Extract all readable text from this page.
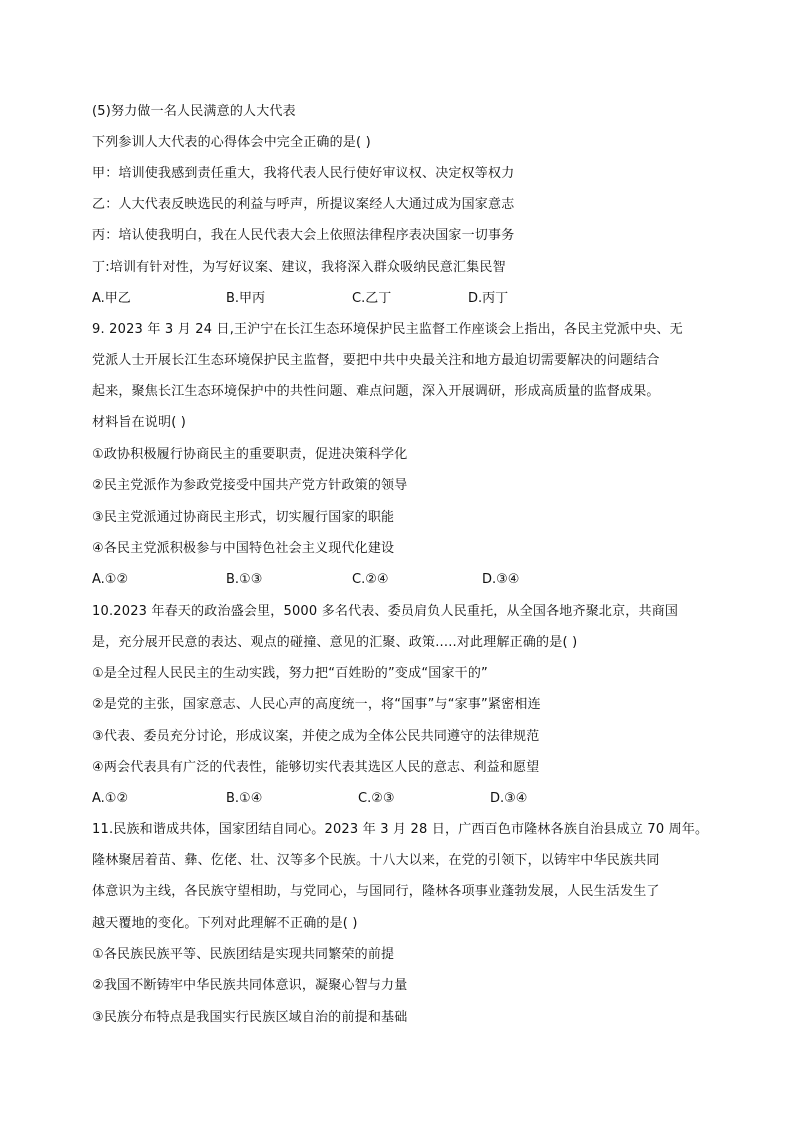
(5)努力做一名人民满意的人大代表
下列参训人大代表的心得体会中完全正确的是( )
甲：培训使我感到责任重大，我将代表人民行使好审议权、决定权等权力
乙：人大代表反映选民的利益与呼声，所提议案经人大通过成为国家意志
丙：培认使我明白，我在人民代表大会上依照法律程序表决国家一切事务
丁:培训有针对性，为写好议案、建议，我将深入群众吸纳民意汇集民智
A.甲乙	B.甲丙	C.乙丁	D.丙丁
9. 2023 年 3 月 24 日,王沪宁在长江生态环境保护民主监督工作座谈会上指出，各民主党派中央、无
党派人士开展长江生态环境保护民主监督，要把中共中央最关注和地方最迫切需要解决的问题结合
起来，聚焦长江生态环境保护中的共性问题、难点问题，深入开展调研，形成高质量的监督成果。
材料旨在说明( )
①政协积极履行协商民主的重要职责，促进决策科学化
②民主党派作为参政党接受中国共产党方针政策的领导
③民主党派通过协商民主形式，切实履行国家的职能
④各民主党派积极参与中国特色社会主义现代化建设
A.①②	B.①③	C.②④	D.③④
10.2023 年春天的政治盛会里，5000 多名代表、委员肩负人民重托，从全国各地齐聚北京，共商国
是，充分展开民意的表达、观点的碰撞、意见的汇聚、政策.....对此理解正确的是( )
①是全过程人民民主的生动实践，努力把“百姓盼的”变成“国家干的”
②是党的主张，国家意志、人民心声的高度统一，将“国事”与“家事”紧密相连
③代表、委员充分讨论，形成议案，并使之成为全体公民共同遵守的法律规范
④两会代表具有广泛的代表性，能够切实代表其选区人民的意志、利益和愿望
A.①②	B.①④	C.②③	D.③④
11.民族和谐成共体，国家团结自同心。2023 年 3 月 28 日，广西百色市隆林各族自治县成立 70 周年。
隆林聚居着苗、彝、仡佬、壮、汉等多个民族。十八大以来，在党的引领下，以铸牢中华民族共同
体意识为主线，各民族守望相助，与党同心，与国同行，隆林各项事业蓬勃发展，人民生活发生了
越天覆地的变化。下列对此理解不正确的是( )
①各民族民族平等、民族团结是实现共同繁荣的前提
②我国不断铸牢中华民族共同体意识，凝聚心智与力量
③民族分布特点是我国实行民族区域自治的前提和基础
